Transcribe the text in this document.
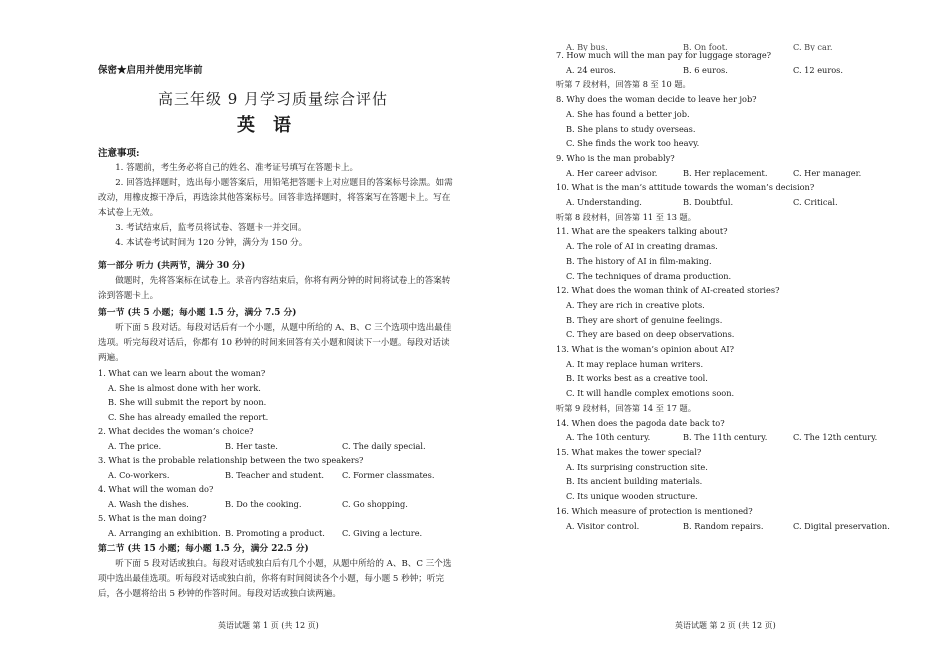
保密★启用并使用完毕前

高三年级 9 月学习质量综合评估

英语

注意事项:

1. 答题前，考生务必将自己的姓名、准考证号填写在答题卡上。

2. 回答选择题时，选出每小题答案后，用铅笔把答题卡上对应题目的答案标号涂黑。如需改动，用橡皮擦干净后，再选涂其他答案标号。回答非选择题时，将答案写在答题卡上。写在本试卷上无效。

3. 考试结束后，监考员将试卷、答题卡一并交回。

4. 本试卷考试时间为 120 分钟，满分为 150 分。

第一部分 听力 (共两节，满分 30 分)

做题时，先将答案标在试卷上。录音内容结束后，你将有两分钟的时间将试卷上的答案转涂到答题卡上。

第一节 (共 5 小题；每小题 1.5 分，满分 7.5 分)

听下面 5 段对话。每段对话后有一个小题，从题中所给的 A、B、C 三个选项中选出最佳选项。听完每段对话后，你都有 10 秒钟的时间来回答有关小题和阅读下一小题。每段对话读两遍。

1. What can we learn about the woman?

A. She is almost done with her work.

B. She will submit the report by noon.

C. She has already emailed the report.

2. What decides the woman’s choice?

A. The price.	B. Her taste.	C. The daily special.

3. What is the probable relationship between the two speakers?

A. Co-workers.	B. Teacher and student.	C. Former classmates.

4. What will the woman do?

A. Wash the dishes.	B. Do the cooking.	C. Go shopping.

5. What is the man doing?

A. Arranging an exhibition. B. Promoting a product.	C. Giving a lecture.

第二节 (共 15 小题；每小题 1.5 分，满分 22.5 分)

听下面 5 段对话或独白。每段对话或独白后有几个小题，从题中所给的 A、B、C 三个选项中选出最佳选项。听每段对话或独白前，你将有时间阅读各个小题，每小题 5 秒钟；听完后，各小题将给出 5 秒钟的作答时间。每段对话或独白读两遍。

英语试题 第 1 页 (共 12 页)
A. By bus.	B. On foot.	C. By car.

7. How much will the man pay for luggage storage?

A. 24 euros.	B. 6 euros.	C. 12 euros.

听第 7 段材料，回答第 8 至 10 题。

8. Why does the woman decide to leave her job?

A. She has found a better job.

B. She plans to study overseas.

C. She finds the work too heavy.

9. Who is the man probably?

A. Her career advisor.	B. Her replacement.	C. Her manager.

10. What is the man’s attitude towards the woman’s decision?

A. Understanding.	B. Doubtful.	C. Critical.

听第 8 段材料，回答第 11 至 13 题。

11. What are the speakers talking about?

A. The role of AI in creating dramas.

B. The history of AI in film-making.

C. The techniques of drama production.

12. What does the woman think of AI-created stories?

A. They are rich in creative plots.

B. They are short of genuine feelings.

C. They are based on deep observations.

13. What is the woman’s opinion about AI?

A. It may replace human writers.

B. It works best as a creative tool.

C. It will handle complex emotions soon.

听第 9 段材料，回答第 14 至 17 题。

14. When does the pagoda date back to?

A. The 10th century.	B. The 11th century.	C. The 12th century.

15. What makes the tower special?

A. Its surprising construction site.

B. Its ancient building materials.

C. Its unique wooden structure.

16. Which measure of protection is mentioned?

A. Visitor control.	B. Random repairs.	C. Digital preservation.
英语试题 第 2 页 (共 12 页)
